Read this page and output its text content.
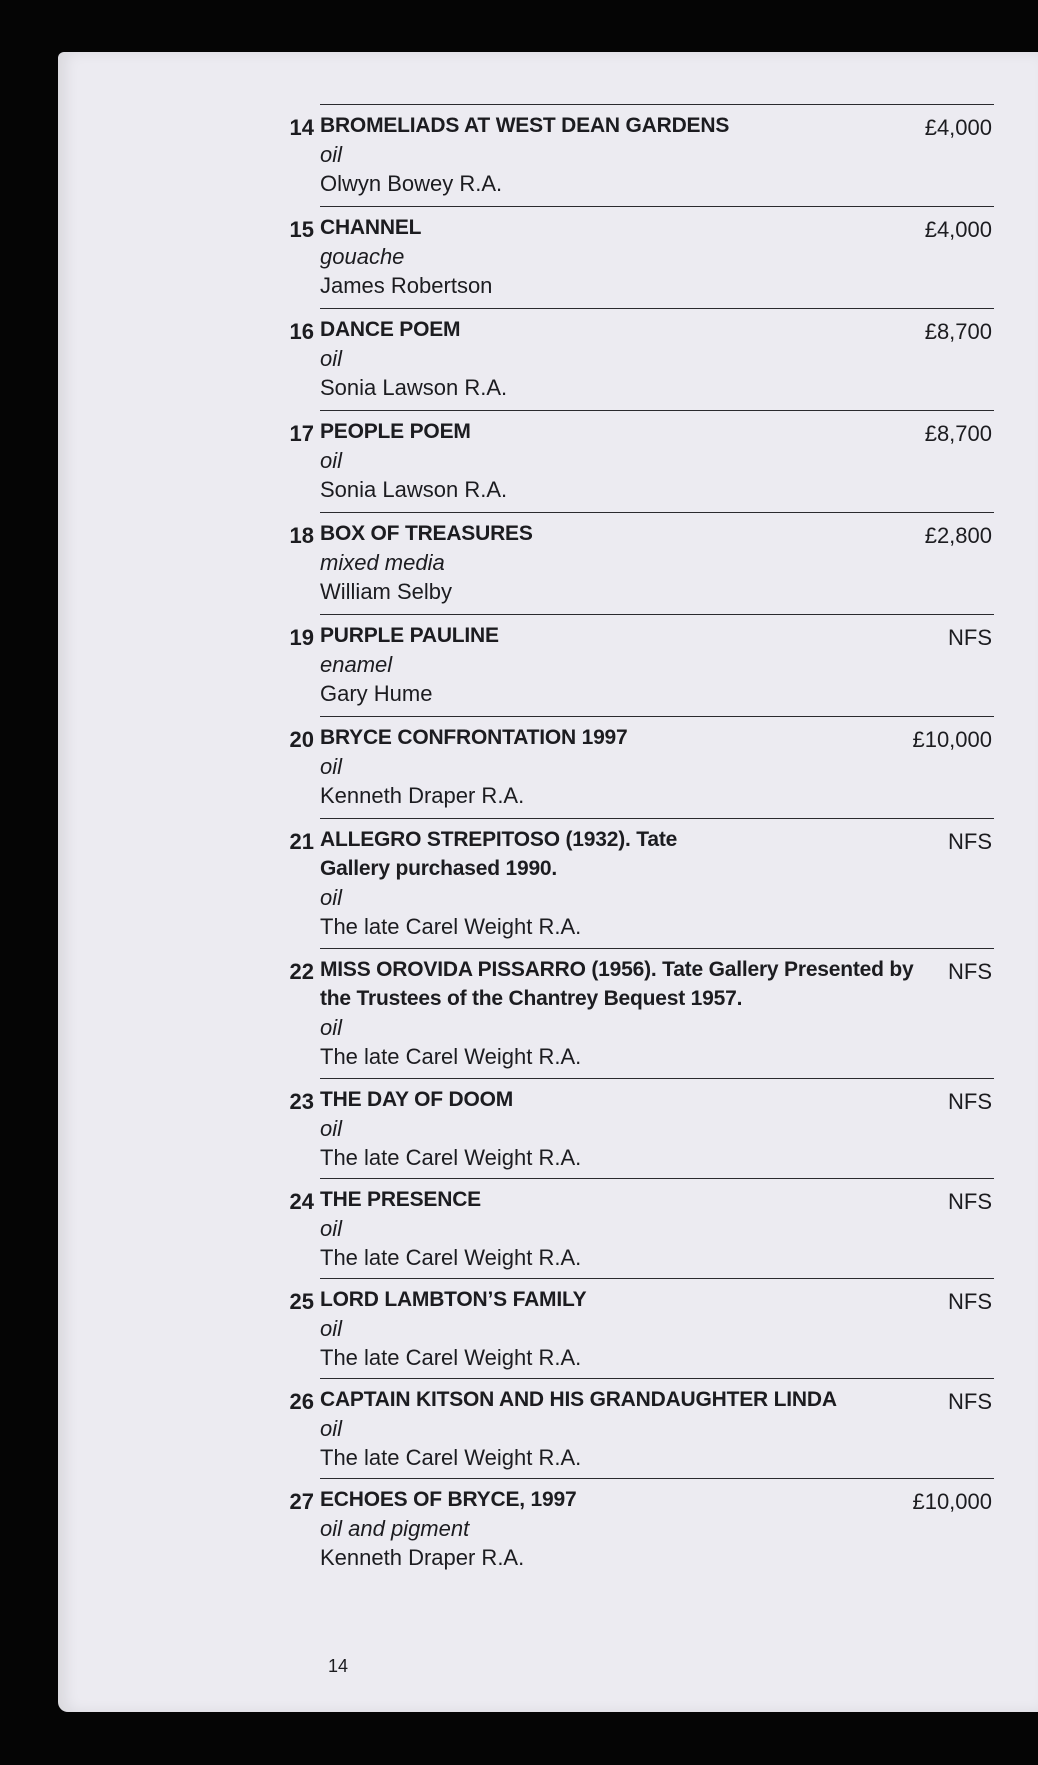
14 BROMELIADS AT WEST DEAN GARDENS
oil
Olwyn Bowey R.A.
£4,000
15 CHANNEL
gouache
James Robertson
£4,000
16 DANCE POEM
oil
Sonia Lawson R.A.
£8,700
17 PEOPLE POEM
oil
Sonia Lawson R.A.
£8,700
18 BOX OF TREASURES
mixed media
William Selby
£2,800
19 PURPLE PAULINE
enamel
Gary Hume
NFS
20 BRYCE CONFRONTATION 1997
oil
Kenneth Draper R.A.
£10,000
21 ALLEGRO STREPITOSO (1932). Tate Gallery purchased 1990.
oil
The late Carel Weight R.A.
NFS
22 MISS OROVIDA PISSARRO (1956). Tate Gallery Presented by the Trustees of the Chantrey Bequest 1957.
oil
The late Carel Weight R.A.
NFS
23 THE DAY OF DOOM
oil
The late Carel Weight R.A.
NFS
24 THE PRESENCE
oil
The late Carel Weight R.A.
NFS
25 LORD LAMBTON’S FAMILY
oil
The late Carel Weight R.A.
NFS
26 CAPTAIN KITSON AND HIS GRANDAUGHTER LINDA
oil
The late Carel Weight R.A.
NFS
27 ECHOES OF BRYCE, 1997
oil and pigment
Kenneth Draper R.A.
£10,000
14
